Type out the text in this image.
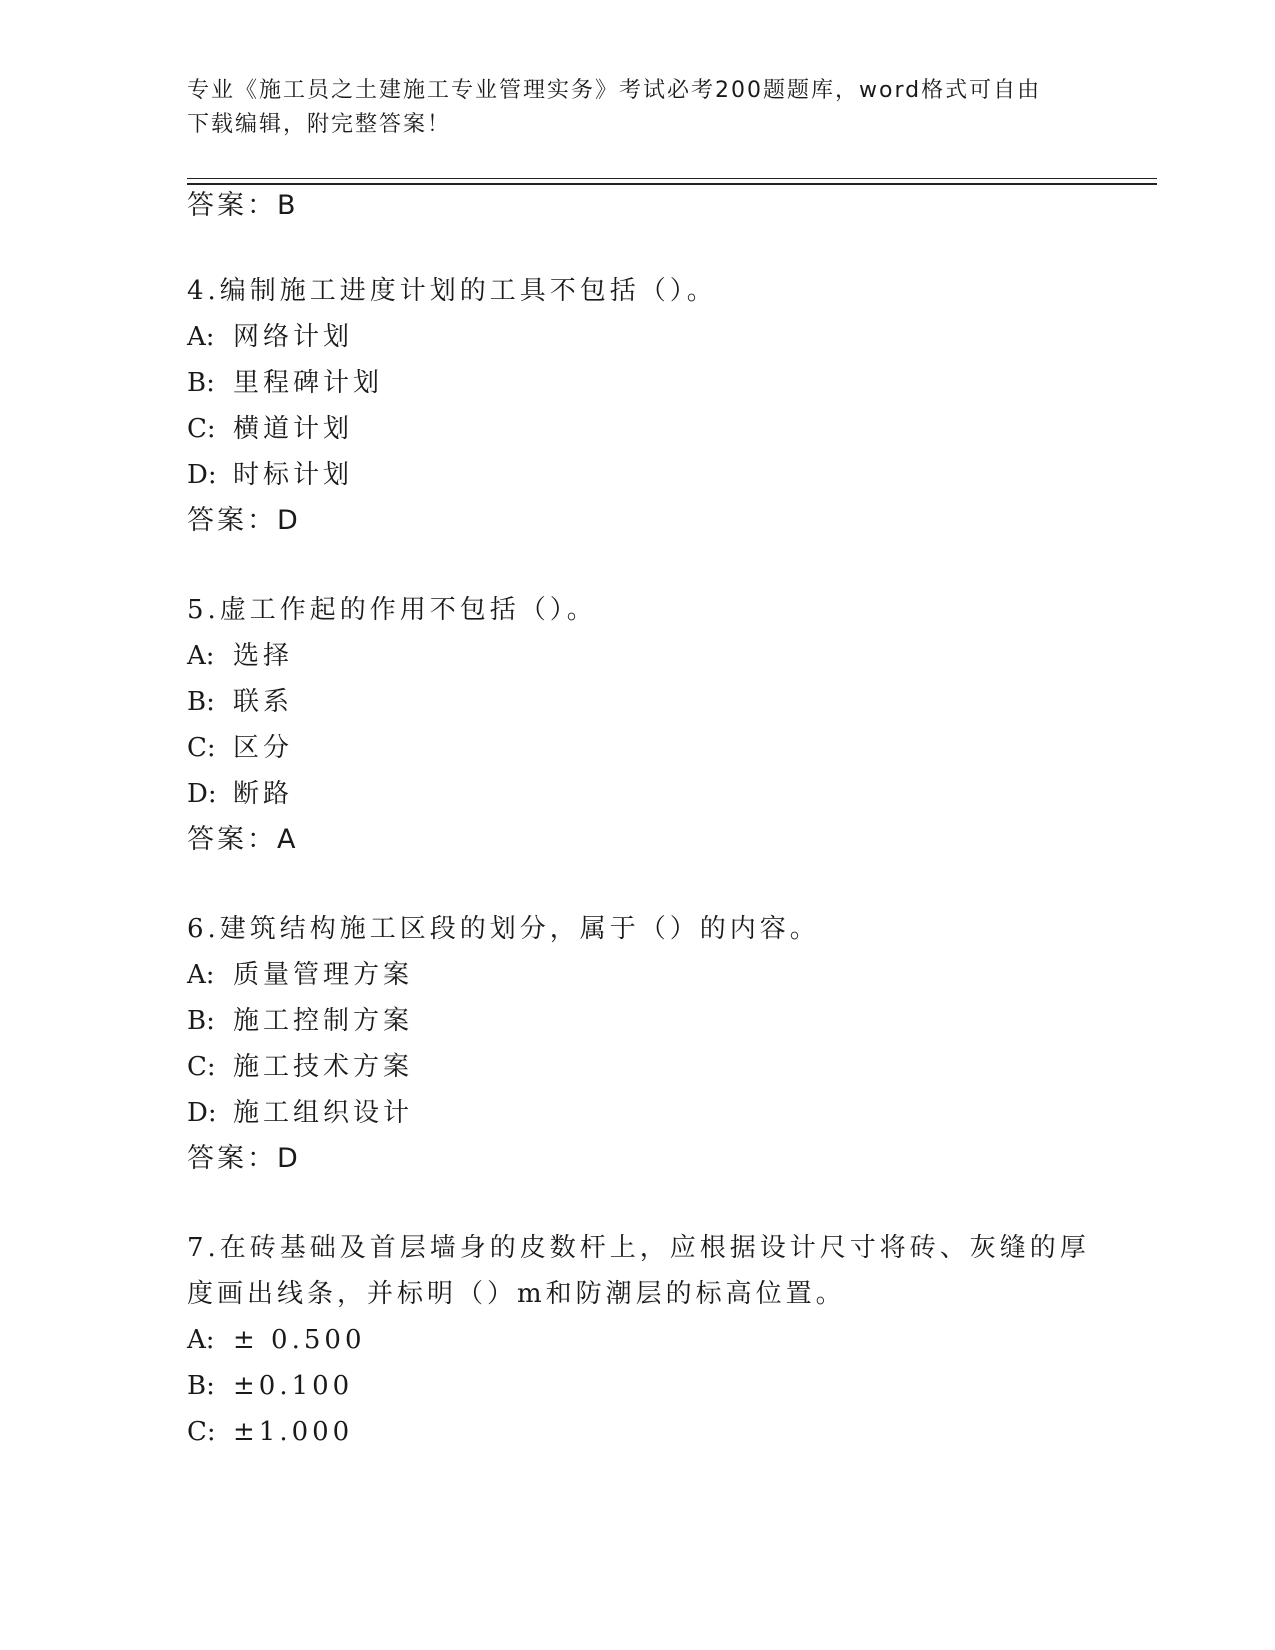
专业《施工员之土建施工专业管理实务》考试必考200题题库，word格式可自由
下载编辑，附完整答案！
答案：B
4.编制施工进度计划的工具不包括（）。
A: 网络计划
B: 里程碑计划
C: 横道计划
D: 时标计划
答案：D
5.虚工作起的作用不包括（）。
A: 选择
B: 联系
C: 区分
D: 断路
答案：A
6.建筑结构施工区段的划分，属于（）的内容。
A: 质量管理方案
B: 施工控制方案
C: 施工技术方案
D: 施工组织设计
答案：D
7.在砖基础及首层墙身的皮数杆上，应根据设计尺寸将砖、灰缝的厚
度画出线条，并标明（）m和防潮层的标高位置。
A: ± 0.500
B: ±0.100
C: ±1.000
